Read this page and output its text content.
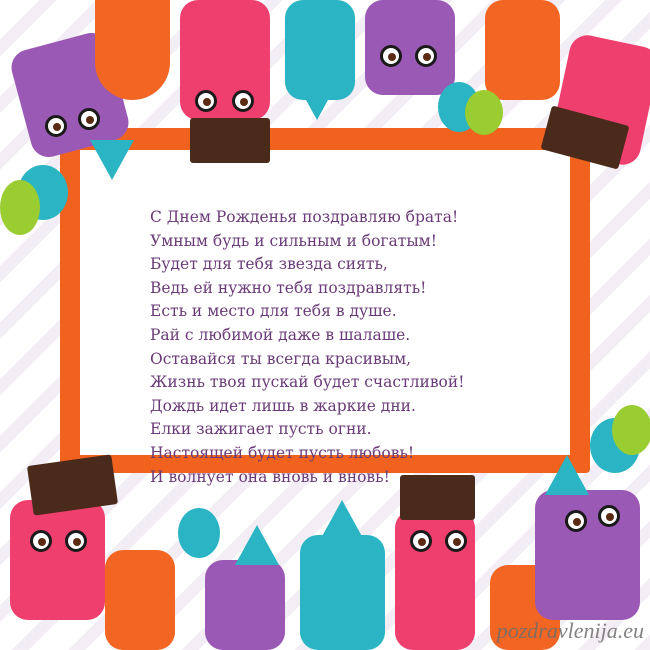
С Днем Рожденья поздравляю брата!
Умным будь и сильным и богатым!
Будет для тебя звезда сиять,
Ведь ей нужно тебя поздравлять!
Есть и место для тебя в душе.
Рай с любимой даже в шалаше.
Оставайся ты всегда красивым,
Жизнь твоя пускай будет счастливой!
Дождь идет лишь в жаркие дни.
Елки зажигает пусть огни.
Настоящей будет пусть любовь!
И волнует она вновь и вновь!
pozdravlenija.eu
